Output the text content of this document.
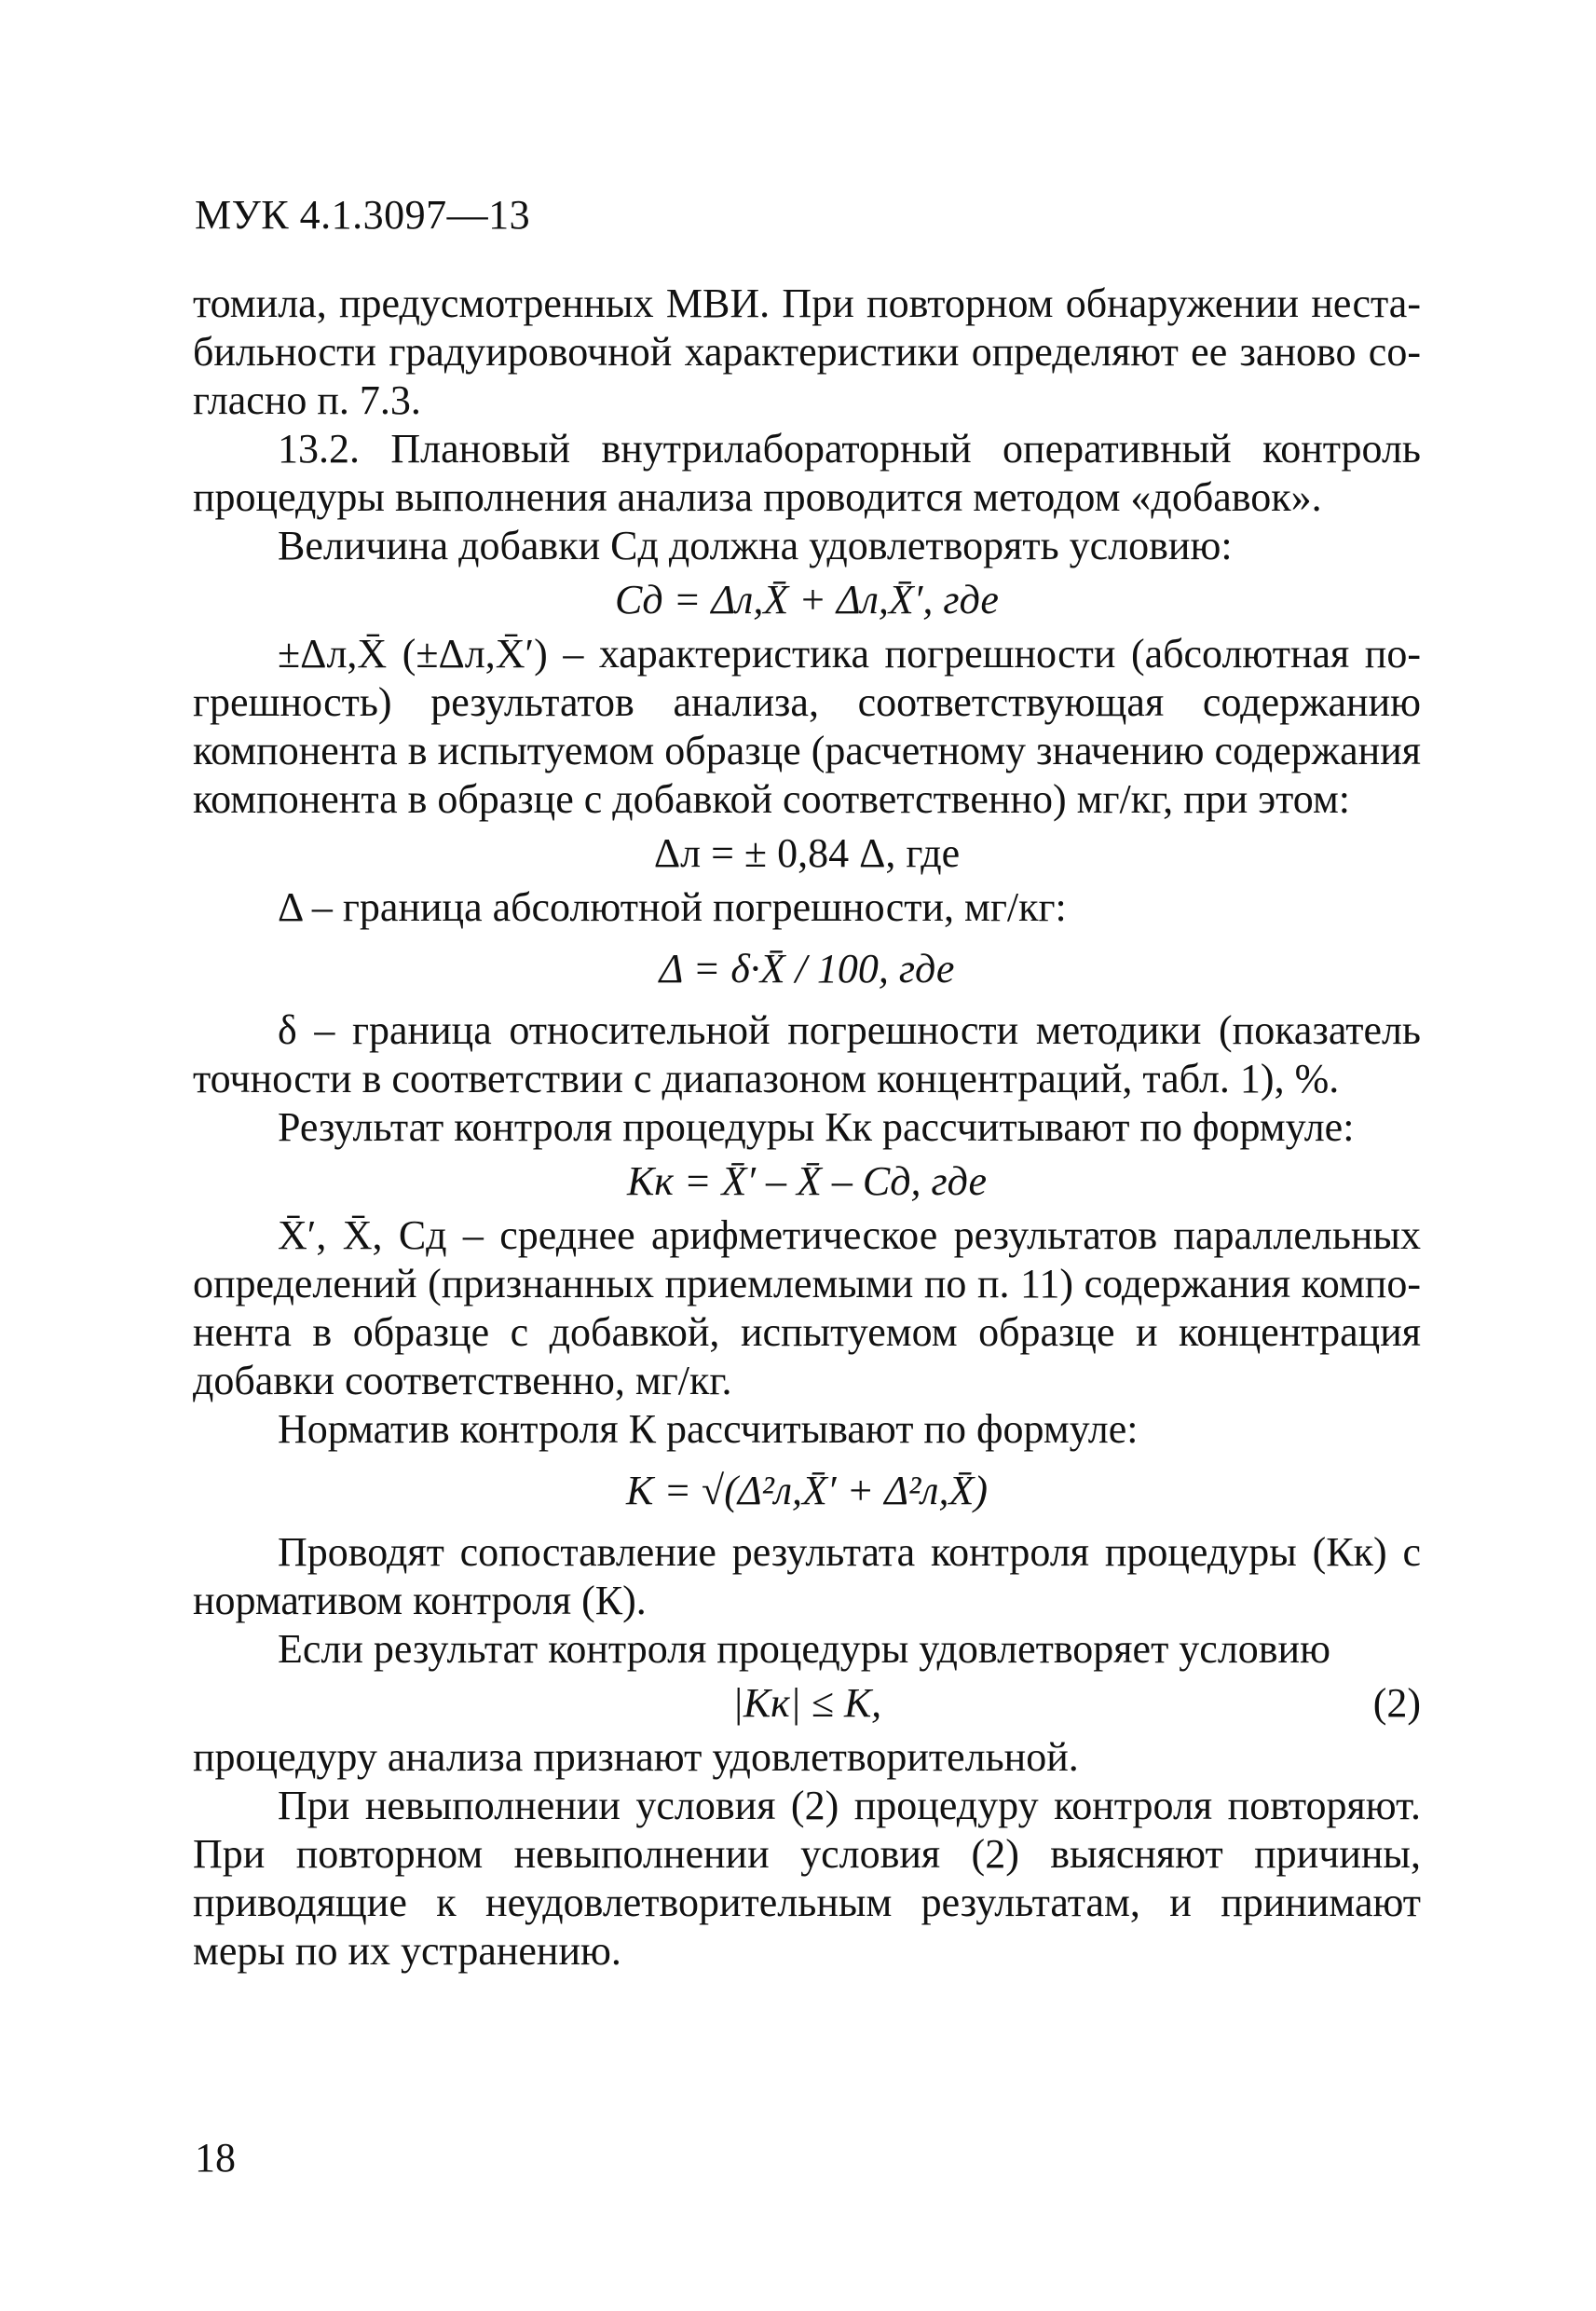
МУК 4.1.3097—13

томила, предусмотренных МВИ. При повторном обнаружении нестабильности градуировочной характеристики определяют ее заново согласно п. 7.3.

13.2. Плановый внутрилабораторный оперативный контроль процедуры выполнения анализа проводится методом «добавок».

Величина добавки Сд должна удовлетворять условию:

Cд = Δл,X̄ + Δл,X̄′, где

±Δл,X̄ (±Δл,X̄′) – характеристика погрешности (абсолютная погрешность) результатов анализа, соответствующая содержанию компонента в испытуемом образце (расчетному значению содержания компонента в образце с добавкой соответственно) мг/кг, при этом:

Δл = ± 0,84 Δ, где

Δ – граница абсолютной погрешности, мг/кг:

Δ = δ·X̄ / 100, где

δ – граница относительной погрешности методики (показатель точности в соответствии с диапазоном концентраций, табл. 1), %.

Результат контроля процедуры Кк рассчитывают по формуле:

Кк = X̄′ – X̄ – Сд, где

X̄′, X̄, Сд – среднее арифметическое результатов параллельных определений (признанных приемлемыми по п. 11) содержания компонента в образце с добавкой, испытуемом образце и концентрация добавки соответственно, мг/кг.

Норматив контроля К рассчитывают по формуле:

K = √(Δ²л,X̄′ + Δ²л,X̄)

Проводят сопоставление результата контроля процедуры (Кк) с нормативом контроля (К).

Если результат контроля процедуры удовлетворяет условию

|Кк| ≤ К,	(2)

процедуру анализа признают удовлетворительной.

При невыполнении условия (2) процедуру контроля повторяют. При повторном невыполнении условия (2) выясняют причины, приводящие к неудовлетворительным результатам, и принимают меры по их устранению.

18
